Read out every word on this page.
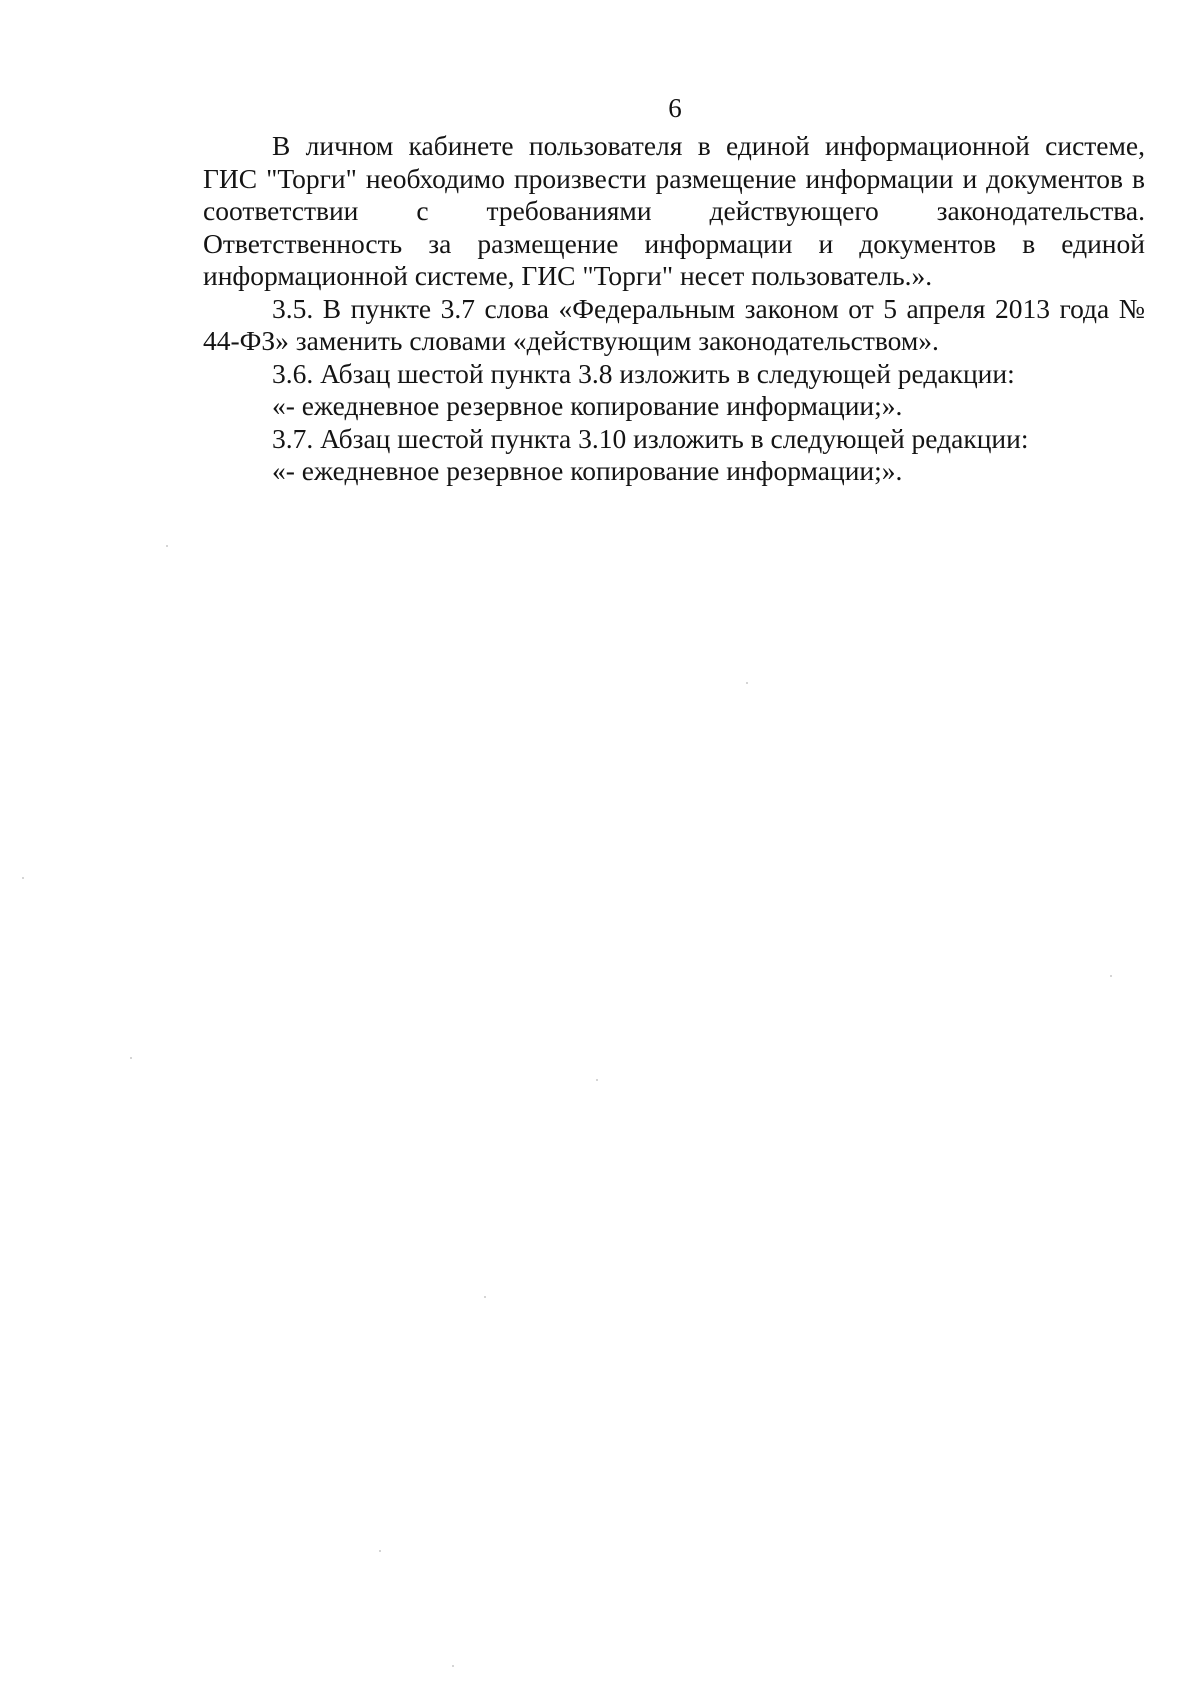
6

В личном кабинете пользователя в единой информационной системе, ГИС "Торги" необходимо произвести размещение информации и документов в соответствии с требованиями действующего законодательства. Ответственность за размещение информации и документов в единой информационной системе, ГИС "Торги" несет пользователь.».

3.5. В пункте 3.7 слова «Федеральным законом от 5 апреля 2013 года № 44-ФЗ» заменить словами «действующим законодательством».

3.6. Абзац шестой пункта 3.8 изложить в следующей редакции:

«- ежедневное резервное копирование информации;».

3.7. Абзац шестой пункта 3.10 изложить в следующей редакции:

«- ежедневное резервное копирование информации;».
